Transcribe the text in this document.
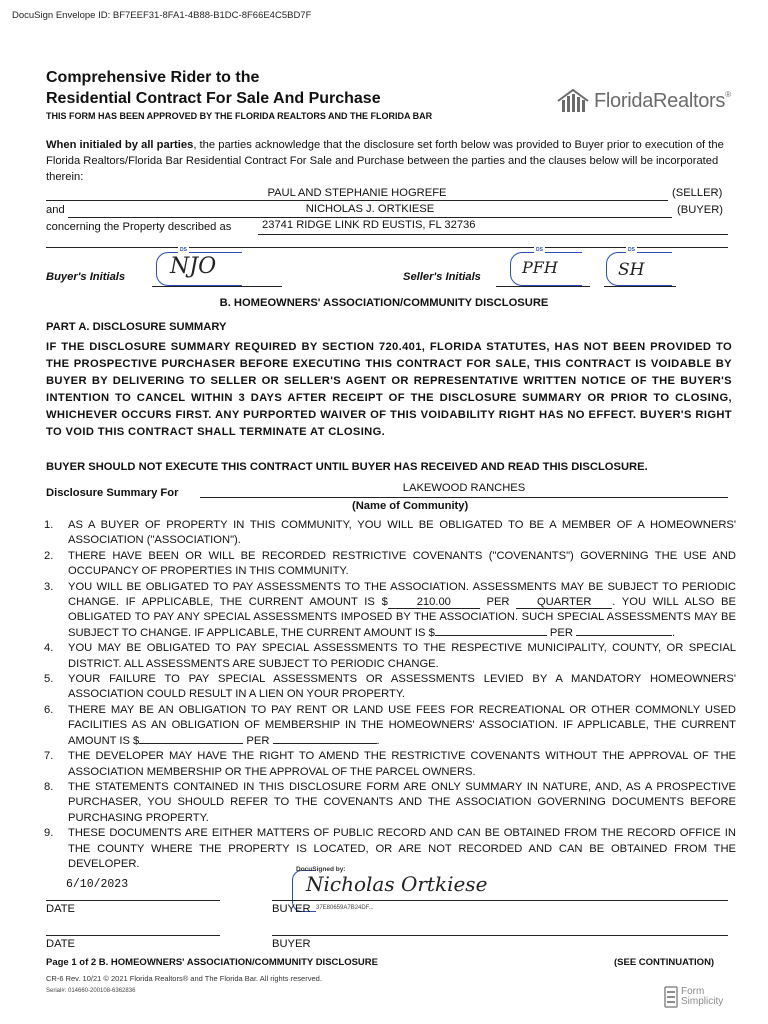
DocuSign Envelope ID: BF7EEF31-8FA1-4B88-B1DC-8F66E4C5BD7F
Comprehensive Rider to the
Residential Contract For Sale And Purchase
THIS FORM HAS BEEN APPROVED BY THE FLORIDA REALTORS AND THE FLORIDA BAR
FloridaRealtors®
When initialed by all parties, the parties acknowledge that the disclosure set forth below was provided to Buyer prior to execution of the Florida Realtors/Florida Bar Residential Contract For Sale and Purchase between the parties and the clauses below will be incorporated therein:
PAUL AND STEPHANIE HOGREFE	(SELLER)
and	NICHOLAS J. ORTKIESE	(BUYER)
concerning the Property described as	23741 RIDGE LINK RD EUSTIS, FL 32736
Buyer's Initials
DS
NJO	Seller's Initials
DS
PFH
DS
SH
B. HOMEOWNERS' ASSOCIATION/COMMUNITY DISCLOSURE
PART A. DISCLOSURE SUMMARY
IF THE DISCLOSURE SUMMARY REQUIRED BY SECTION 720.401, FLORIDA STATUTES, HAS NOT BEEN PROVIDED TO THE PROSPECTIVE PURCHASER BEFORE EXECUTING THIS CONTRACT FOR SALE, THIS CONTRACT IS VOIDABLE BY BUYER BY DELIVERING TO SELLER OR SELLER'S AGENT OR REPRESENTATIVE WRITTEN NOTICE OF THE BUYER'S INTENTION TO CANCEL WITHIN 3 DAYS AFTER RECEIPT OF THE DISCLOSURE SUMMARY OR PRIOR TO CLOSING, WHICHEVER OCCURS FIRST. ANY PURPORTED WAIVER OF THIS VOIDABILITY RIGHT HAS NO EFFECT. BUYER'S RIGHT TO VOID THIS CONTRACT SHALL TERMINATE AT CLOSING.
BUYER SHOULD NOT EXECUTE THIS CONTRACT UNTIL BUYER HAS RECEIVED AND READ THIS DISCLOSURE.
Disclosure Summary For	LAKEWOOD RANCHES
(Name of Community)
1.	AS A BUYER OF PROPERTY IN THIS COMMUNITY, YOU WILL BE OBLIGATED TO BE A MEMBER OF A HOMEOWNERS' ASSOCIATION ("ASSOCIATION").
2.	THERE HAVE BEEN OR WILL BE RECORDED RESTRICTIVE COVENANTS ("COVENANTS") GOVERNING THE USE AND OCCUPANCY OF PROPERTIES IN THIS COMMUNITY.
3.	YOU WILL BE OBLIGATED TO PAY ASSESSMENTS TO THE ASSOCIATION. ASSESSMENTS MAY BE SUBJECT TO PERIODIC CHANGE. IF APPLICABLE, THE CURRENT AMOUNT IS $	210.00	PER QUARTER . YOU WILL ALSO BE OBLIGATED TO PAY ANY SPECIAL ASSESSMENTS IMPOSED BY THE ASSOCIATION. SUCH SPECIAL ASSESSMENTS MAY BE SUBJECT TO CHANGE. IF APPLICABLE, THE CURRENT AMOUNT IS $	PER	.
4.	YOU MAY BE OBLIGATED TO PAY SPECIAL ASSESSMENTS TO THE RESPECTIVE MUNICIPALITY, COUNTY, OR SPECIAL DISTRICT. ALL ASSESSMENTS ARE SUBJECT TO PERIODIC CHANGE.
5.	YOUR FAILURE TO PAY SPECIAL ASSESSMENTS OR ASSESSMENTS LEVIED BY A MANDATORY HOMEOWNERS' ASSOCIATION COULD RESULT IN A LIEN ON YOUR PROPERTY.
6.	THERE MAY BE AN OBLIGATION TO PAY RENT OR LAND USE FEES FOR RECREATIONAL OR OTHER COMMONLY USED FACILITIES AS AN OBLIGATION OF MEMBERSHIP IN THE HOMEOWNERS' ASSOCIATION. IF APPLICABLE, THE CURRENT AMOUNT IS $	PER	.
7.	THE DEVELOPER MAY HAVE THE RIGHT TO AMEND THE RESTRICTIVE COVENANTS WITHOUT THE APPROVAL OF THE ASSOCIATION MEMBERSHIP OR THE APPROVAL OF THE PARCEL OWNERS.
8.	THE STATEMENTS CONTAINED IN THIS DISCLOSURE FORM ARE ONLY SUMMARY IN NATURE, AND, AS A PROSPECTIVE PURCHASER, YOU SHOULD REFER TO THE COVENANTS AND THE ASSOCIATION GOVERNING DOCUMENTS BEFORE PURCHASING PROPERTY.
9.	THESE DOCUMENTS ARE EITHER MATTERS OF PUBLIC RECORD AND CAN BE OBTAINED FROM THE RECORD OFFICE IN THE COUNTY WHERE THE PROPERTY IS LOCATED, OR ARE NOT RECORDED AND CAN BE OBTAINED FROM THE DEVELOPER.
6/10/2023
DATE
DocuSigned by:
Nicholas Ortkiese
BUYER 37E80659A7B24DF...
DATE	BUYER
Page 1 of 2 B. HOMEOWNERS' ASSOCIATION/COMMUNITY DISCLOSURE	(SEE CONTINUATION)
CR-6 Rev. 10/21 © 2021 Florida Realtors® and The Florida Bar. All rights reserved.
Serial#: 014660-200108-6362836	Form
Simplicity
